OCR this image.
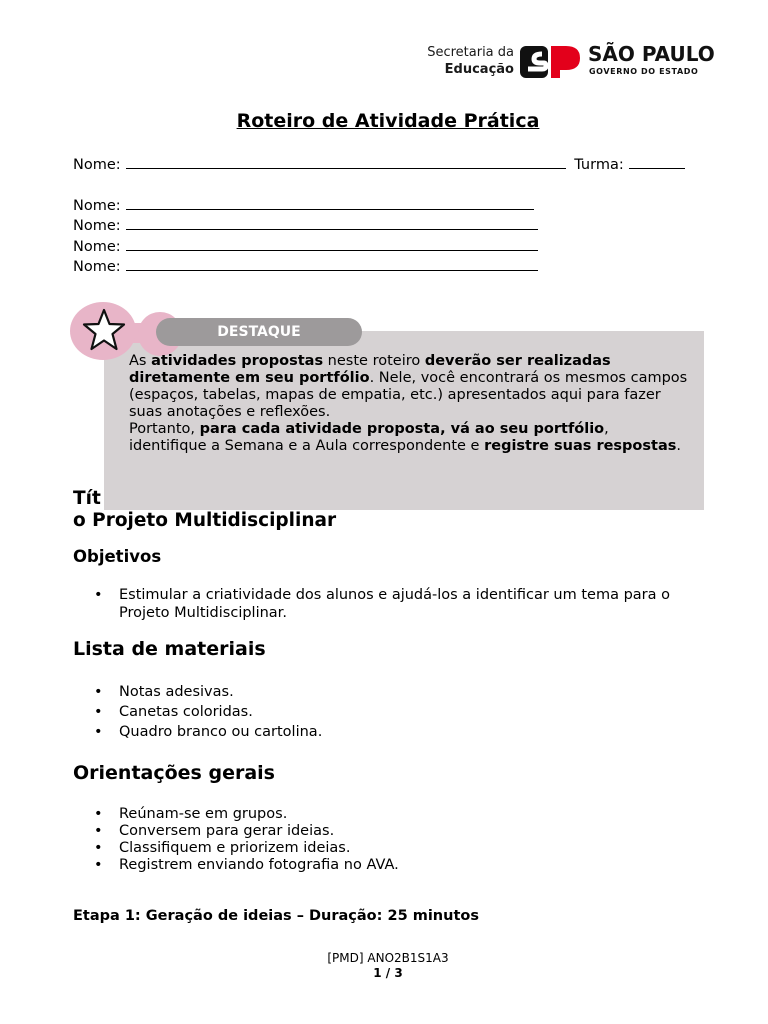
Secretaria da
Educação
SÃO PAULO
GOVERNO DO ESTADO
Roteiro de Atividade Prática
Nome:	Turma:
Nome:
Nome:
Nome:
Nome:
Tít
o Projeto Multidisciplinar
DESTAQUE
As atividades propostas neste roteiro deverão ser realizadas diretamente em seu portfólio. Nele, você encontrará os mesmos campos (espaços, tabelas, mapas de empatia, etc.) apresentados aqui para fazer suas anotações e reflexões.
Portanto, para cada atividade proposta, vá ao seu portfólio, identifique a Semana e a Aula correspondente e registre suas respostas.
Objetivos
• Estimular a criatividade dos alunos e ajudá-los a identificar um tema para o Projeto Multidisciplinar.
Lista de materiais
• Notas adesivas.
• Canetas coloridas.
• Quadro branco ou cartolina.
Orientações gerais
• Reúnam-se em grupos.
• Conversem para gerar ideias.
• Classifiquem e priorizem ideias.
• Registrem enviando fotografia no AVA.
Etapa 1: Geração de ideias – Duração: 25 minutos
[PMD] ANO2B1S1A3
1 / 3
